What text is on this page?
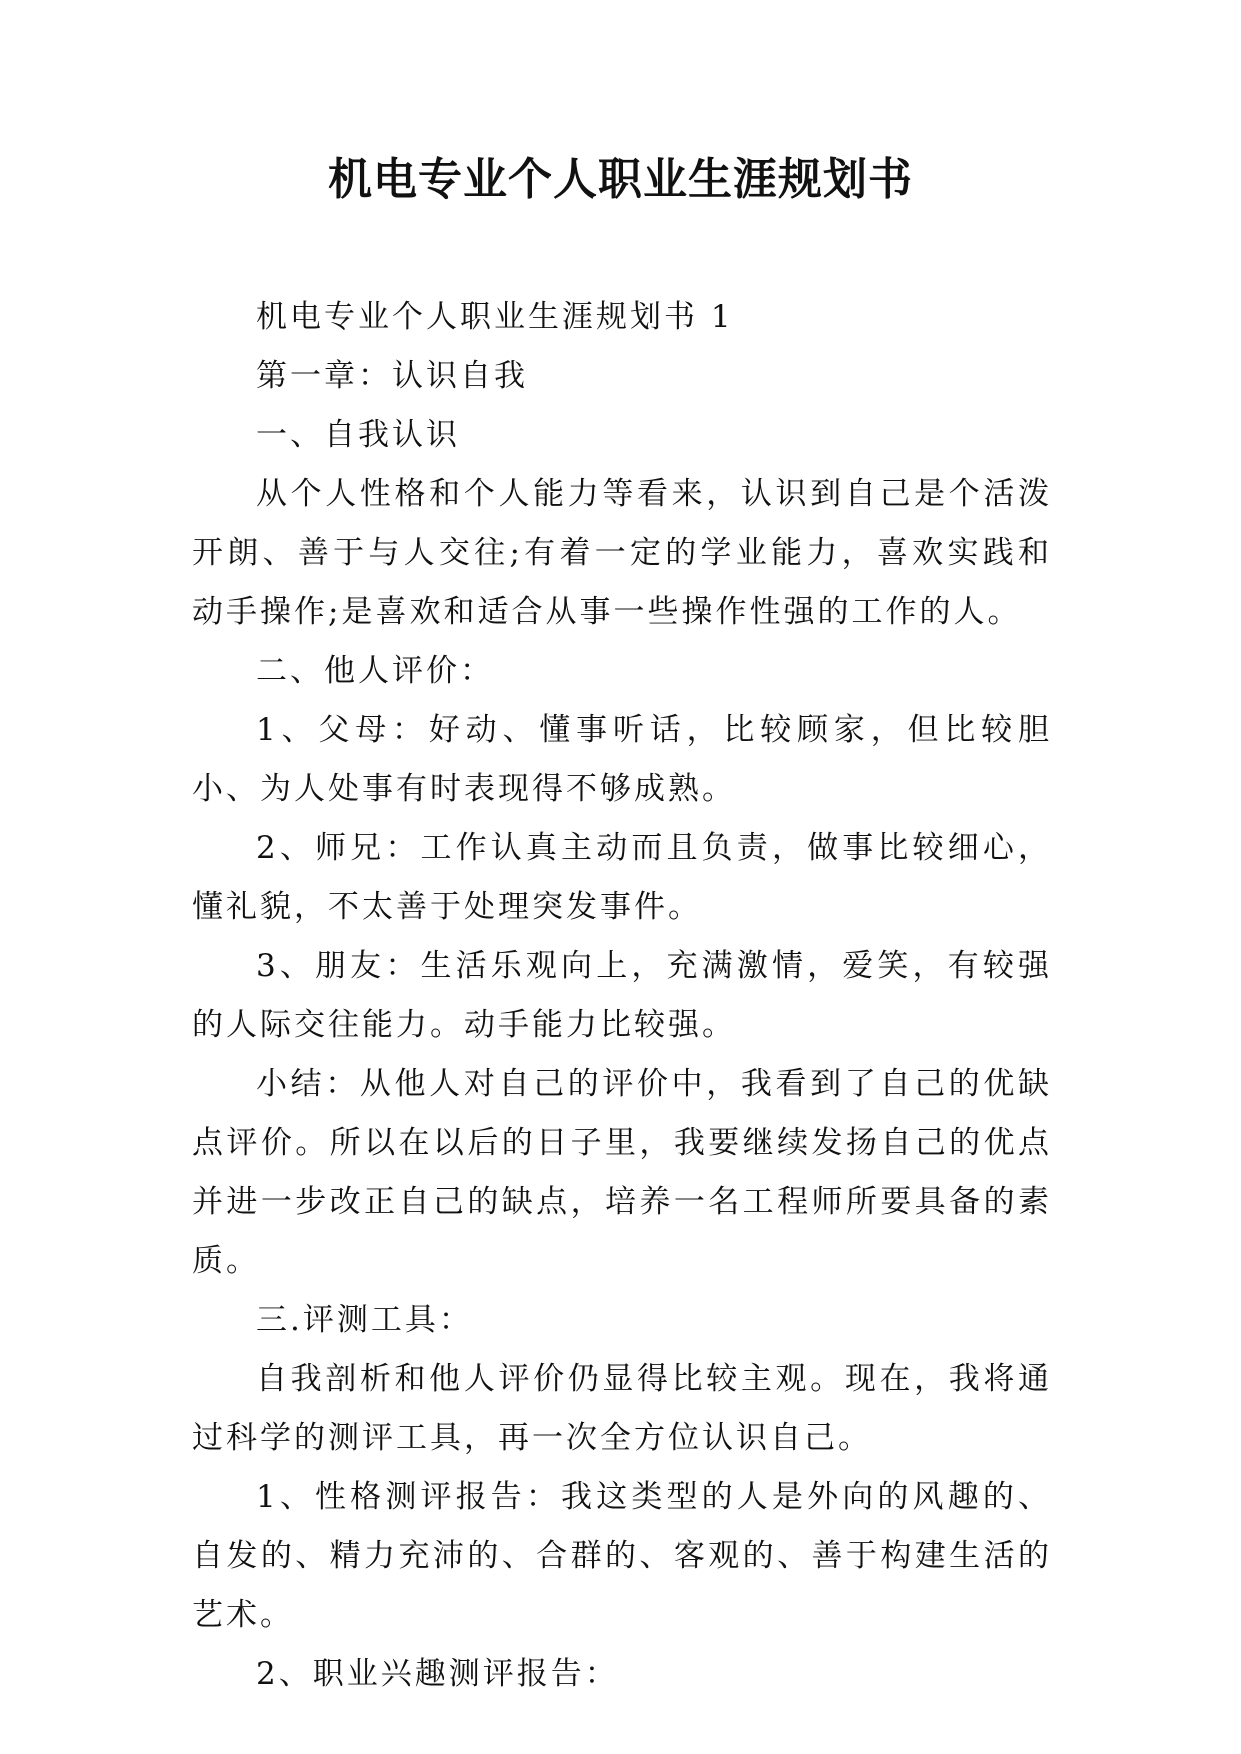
机电专业个人职业生涯规划书

机电专业个人职业生涯规划书 1

第一章：认识自我

一、自我认识

从个人性格和个人能力等看来，认识到自己是个活泼开朗、善于与人交往;有着一定的学业能力，喜欢实践和动手操作;是喜欢和适合从事一些操作性强的工作的人。

二、他人评价：

1、父母：好动、懂事听话，比较顾家，但比较胆小、为人处事有时表现得不够成熟。

2、师兄：工作认真主动而且负责，做事比较细心，懂礼貌，不太善于处理突发事件。

3、朋友：生活乐观向上，充满激情，爱笑，有较强的人际交往能力。动手能力比较强。

小结：从他人对自己的评价中，我看到了自己的优缺点评价。所以在以后的日子里，我要继续发扬自己的优点并进一步改正自己的缺点，培养一名工程师所要具备的素质。

三.评测工具：

自我剖析和他人评价仍显得比较主观。现在，我将通过科学的测评工具，再一次全方位认识自己。

1、性格测评报告：我这类型的人是外向的风趣的、自发的、精力充沛的、合群的、客观的、善于构建生活的艺术。

2、职业兴趣测评报告：
